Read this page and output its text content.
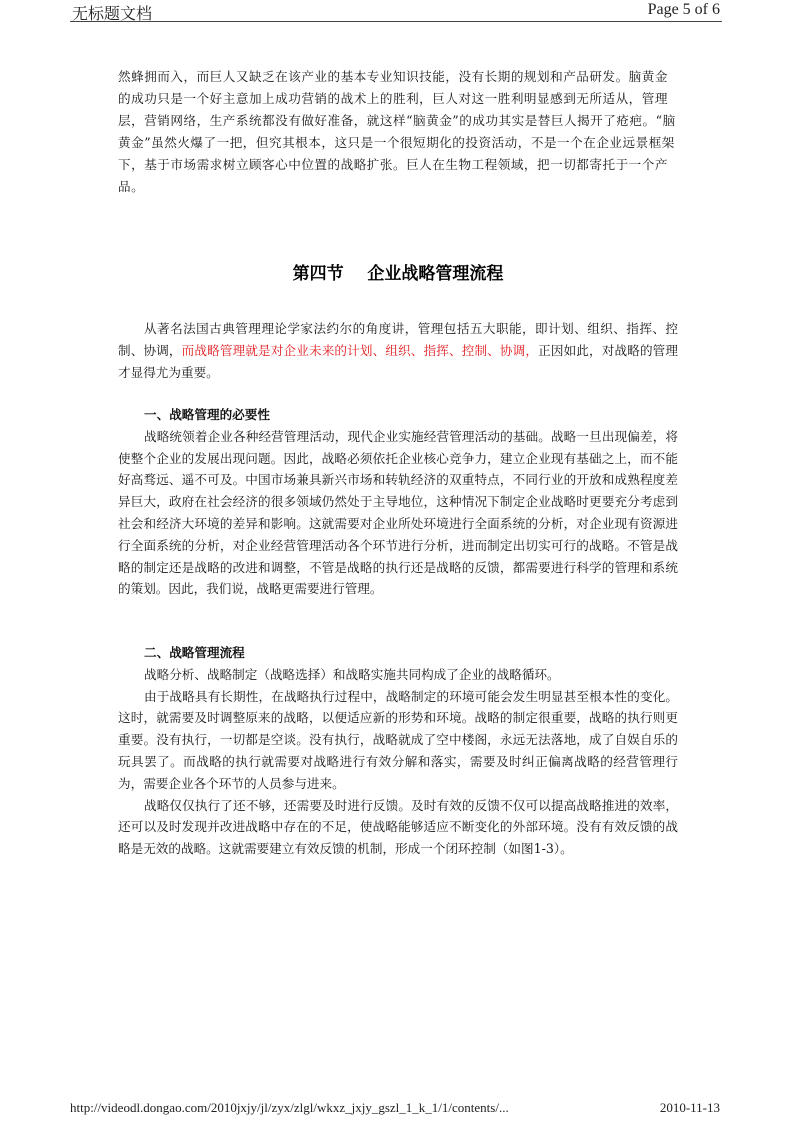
无标题文档	Page 5 of 6

然蜂拥而入，而巨人又缺乏在该产业的基本专业知识技能，没有长期的规划和产品研发。脑黄金的成功只是一个好主意加上成功营销的战术上的胜利，巨人对这一胜利明显感到无所适从，管理层，营销网络，生产系统都没有做好准备，就这样“脑黄金”的成功其实是替巨人揭开了疮疤。“脑黄金”虽然火爆了一把，但究其根本，这只是一个很短期化的投资活动，不是一个在企业远景框架下，基于市场需求树立顾客心中位置的战略扩张。巨人在生物工程领域，把一切都寄托于一个产品。

第四节    企业战略管理流程

从著名法国古典管理理论学家法约尔的角度讲，管理包括五大职能，即计划、组织、指挥、控制、协调，而战略管理就是对企业未来的计划、组织、指挥、控制、协调，正因如此，对战略的管理才显得尤为重要。

一、战略管理的必要性

战略统领着企业各种经营管理活动，现代企业实施经营管理活动的基础。战略一旦出现偏差，将使整个企业的发展出现问题。因此，战略必须依托企业核心竞争力，建立企业现有基础之上，而不能好高骛远、遥不可及。中国市场兼具新兴市场和转轨经济的双重特点，不同行业的开放和成熟程度差异巨大，政府在社会经济的很多领域仍然处于主导地位，这种情况下制定企业战略时更要充分考虑到社会和经济大环境的差异和影响。这就需要对企业所处环境进行全面系统的分析，对企业现有资源进行全面系统的分析，对企业经营管理活动各个环节进行分析，进而制定出切实可行的战略。不管是战略的制定还是战略的改进和调整，不管是战略的执行还是战略的反馈，都需要进行科学的管理和系统的策划。因此，我们说，战略更需要进行管理。

二、战略管理流程

战略分析、战略制定（战略选择）和战略实施共同构成了企业的战略循环。

由于战略具有长期性，在战略执行过程中，战略制定的环境可能会发生明显甚至根本性的变化。这时，就需要及时调整原来的战略，以便适应新的形势和环境。战略的制定很重要，战略的执行则更重要。没有执行，一切都是空谈。没有执行，战略就成了空中楼阁，永远无法落地，成了自娱自乐的玩具罢了。而战略的执行就需要对战略进行有效分解和落实，需要及时纠正偏离战略的经营管理行为，需要企业各个环节的人员参与进来。

战略仅仅执行了还不够，还需要及时进行反馈。及时有效的反馈不仅可以提高战略推进的效率，还可以及时发现并改进战略中存在的不足，使战略能够适应不断变化的外部环境。没有有效反馈的战略是无效的战略。这就需要建立有效反馈的机制，形成一个闭环控制（如图1-3）。

http://videodl.dongao.com/2010jxjy/jl/zyx/zlgl/wkxz_jxjy_gszl_1_k_1/1/contents/...	2010-11-13
